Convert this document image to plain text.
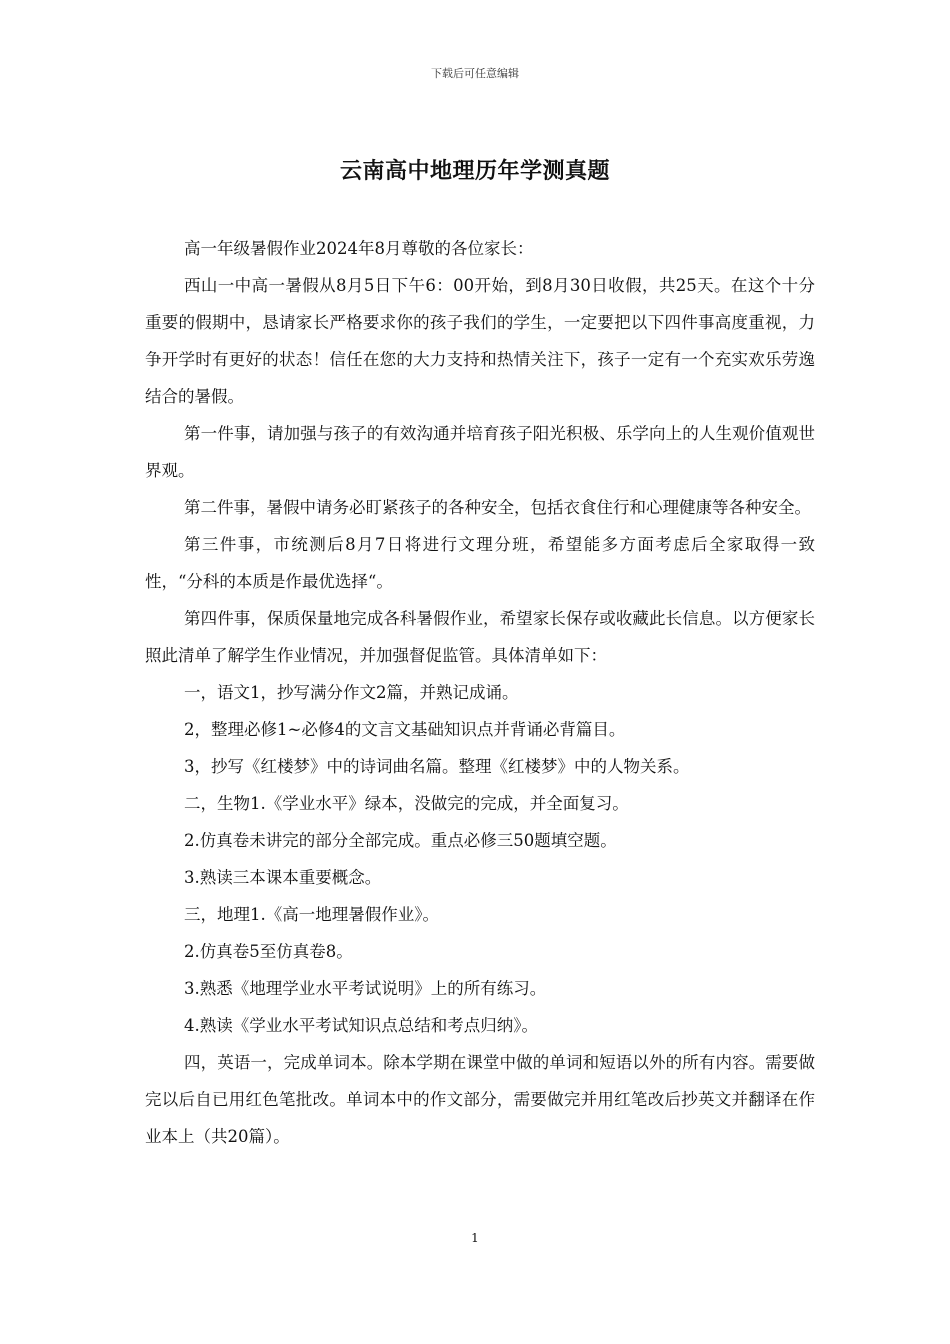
下载后可任意编辑
云南高中地理历年学测真题

高一年级暑假作业2024年8月尊敬的各位家长：

西山一中高一暑假从8月5日下午6：00开始，到8月30日收假，共25天。在这个十分重要的假期中，恳请家长严格要求你的孩子我们的学生，一定要把以下四件事高度重视，力争开学时有更好的状态！信任在您的大力支持和热情关注下，孩子一定有一个充实欢乐劳逸结合的暑假。

第一件事，请加强与孩子的有效沟通并培育孩子阳光积极、乐学向上的人生观价值观世界观。

第二件事，暑假中请务必盯紧孩子的各种安全，包括衣食住行和心理健康等各种安全。

第三件事，市统测后8月7日将进行文理分班，希望能多方面考虑后全家取得一致性，“分科的本质是作最优选择“。

第四件事，保质保量地完成各科暑假作业，希望家长保存或收藏此长信息。以方便家长照此清单了解学生作业情况，并加强督促监管。具体清单如下：

一，语文1，抄写满分作文2篇，并熟记成诵。

2，整理必修1~必修4的文言文基础知识点并背诵必背篇目。

3，抄写《红楼梦》中的诗词曲名篇。整理《红楼梦》中的人物关系。

二，生物1.《学业水平》绿本，没做完的完成，并全面复习。

2.仿真卷未讲完的部分全部完成。重点必修三50题填空题。

3.熟读三本课本重要概念。

三，地理1.《高一地理暑假作业》。

2.仿真卷5至仿真卷8。

3.熟悉《地理学业水平考试说明》上的所有练习。

4.熟读《学业水平考试知识点总结和考点归纳》。

四，英语一，完成单词本。除本学期在课堂中做的单词和短语以外的所有内容。需要做完以后自已用红色笔批改。单词本中的作文部分，需要做完并用红笔改后抄英文并翻译在作业本上（共20篇）。

1
